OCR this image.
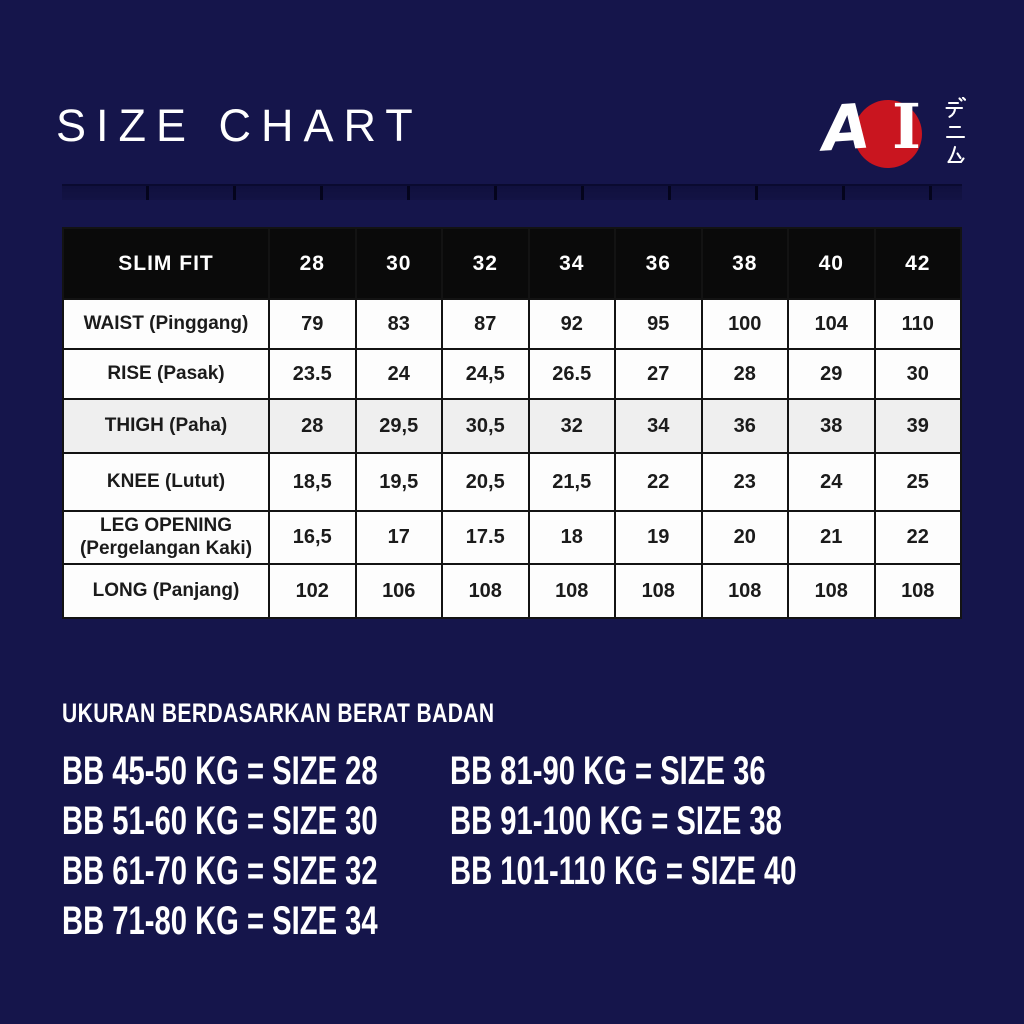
SIZE CHART	A I
SLIM FIT	28	30	32	34	36	38	40	42
WAIST (Pinggang)	79	83	87	92	95	100	104	110
RISE (Pasak)	23.5	24	24,5	26.5	27	28	29	30
THIGH (Paha)	28	29,5	30,5	32	34	36	38	39
KNEE (Lutut)	18,5	19,5	20,5	21,5	22	23	24	25
LEG OPENING (Pergelangan Kaki)	16,5	17	17.5	18	19	20	21	22
LONG (Panjang)	102	106	108	108	108	108	108	108
UKURAN BERDASARKAN BERAT BADAN
BB 45-50 KG = SIZE 28
BB 51-60 KG = SIZE 30
BB 61-70 KG = SIZE 32
BB 71-80 KG = SIZE 34
BB 81-90 KG = SIZE 36
BB 91-100 KG = SIZE 38
BB 101-110 KG = SIZE 40
